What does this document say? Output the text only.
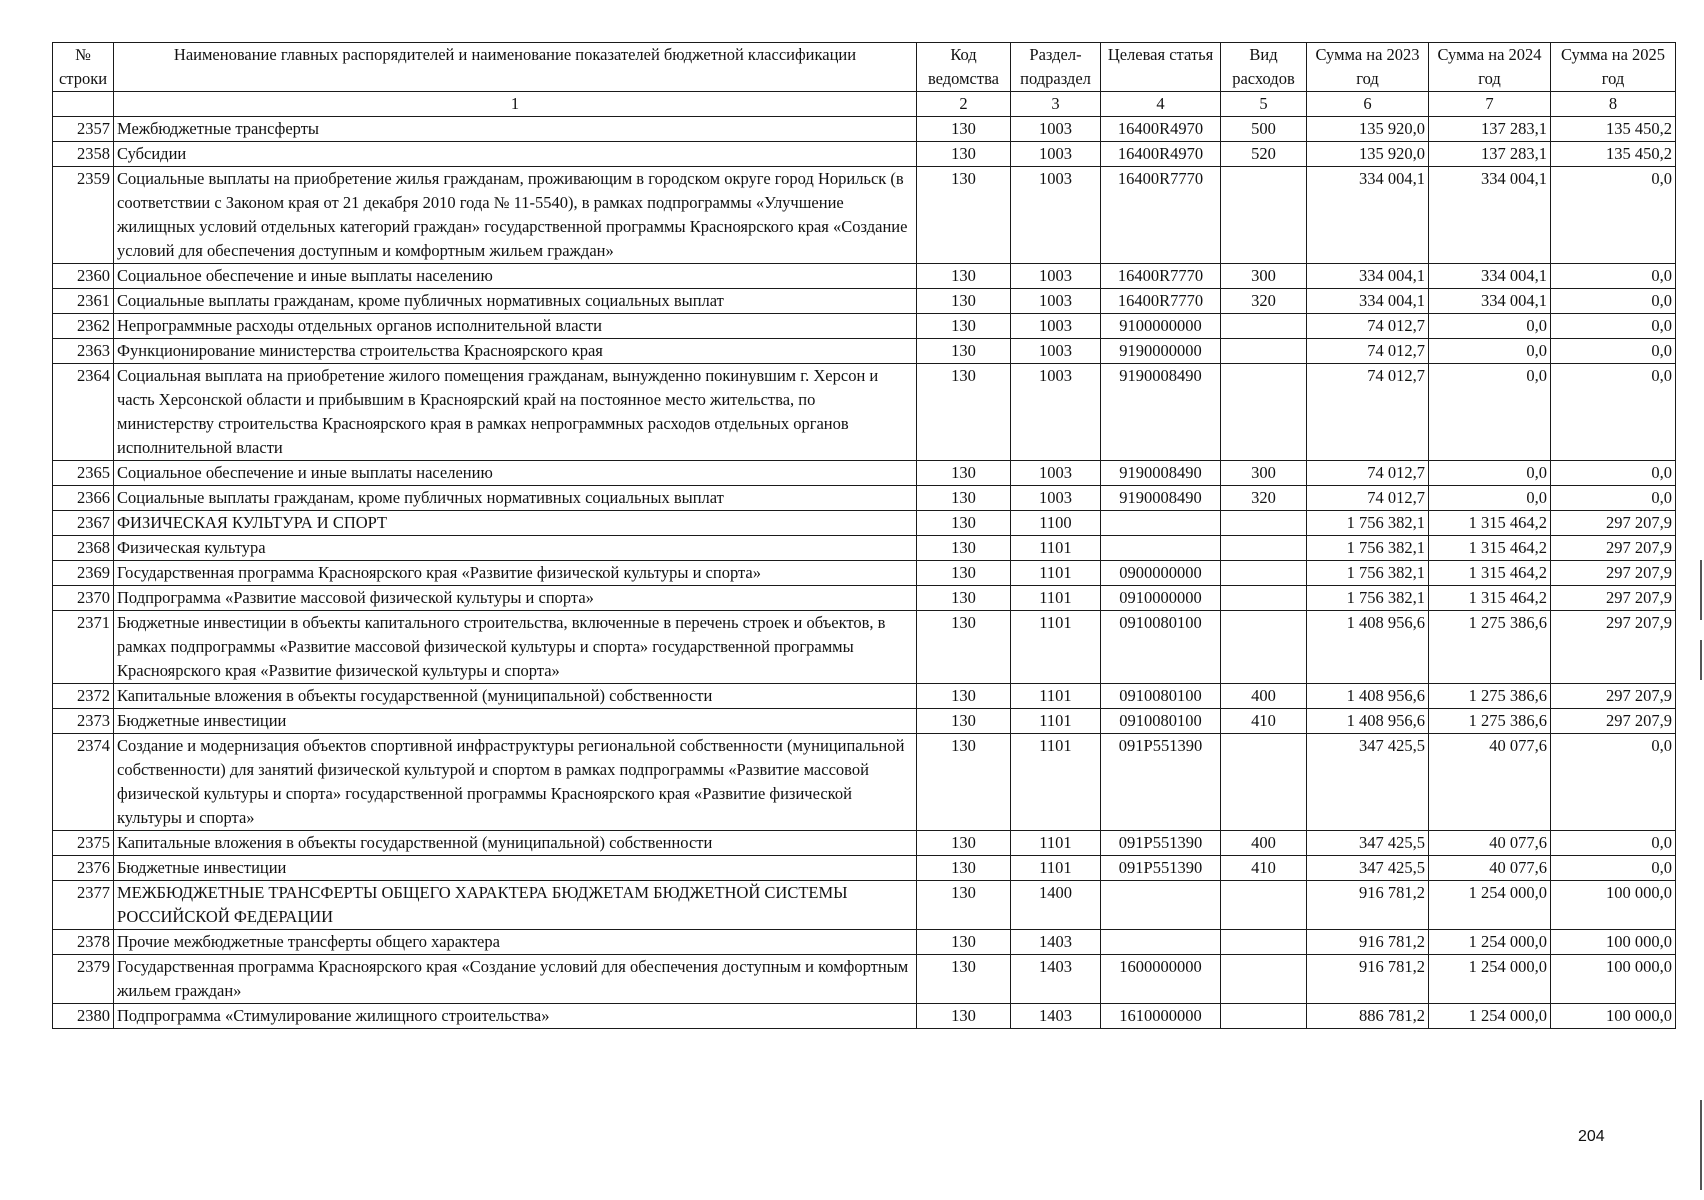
№ строки	Наименование главных распорядителей и наименование показателей бюджетной классификации	Код ведомства	Раздел-подраздел	Целевая статья	Вид расходов	Сумма на 2023 год	Сумма на 2024 год	Сумма на 2025 год
	1	2	3	4	5	6	7	8
2357	Межбюджетные трансферты	130	1003	16400R4970	500	135 920,0	137 283,1	135 450,2
2358	Субсидии	130	1003	16400R4970	520	135 920,0	137 283,1	135 450,2
2359	Социальные выплаты на приобретение жилья гражданам, проживающим в городском округе город Норильск (в соответствии с Законом края от 21 декабря 2010 года № 11-5540), в рамках подпрограммы «Улучшение жилищных условий отдельных категорий граждан» государственной программы Красноярского края «Создание условий для обеспечения доступным и комфортным жильем граждан»	130	1003	16400R7770		334 004,1	334 004,1	0,0
2360	Социальное обеспечение и иные выплаты населению	130	1003	16400R7770	300	334 004,1	334 004,1	0,0
2361	Социальные выплаты гражданам, кроме публичных нормативных социальных выплат	130	1003	16400R7770	320	334 004,1	334 004,1	0,0
2362	Непрограммные расходы отдельных органов исполнительной власти	130	1003	9100000000		74 012,7	0,0	0,0
2363	Функционирование министерства строительства Красноярского края	130	1003	9190000000		74 012,7	0,0	0,0
2364	Социальная выплата на приобретение жилого помещения гражданам, вынужденно покинувшим г. Херсон и часть Херсонской области и прибывшим в Красноярский край на постоянное место жительства, по министерству строительства Красноярского края в рамках непрограммных расходов отдельных органов исполнительной власти	130	1003	9190008490		74 012,7	0,0	0,0
2365	Социальное обеспечение и иные выплаты населению	130	1003	9190008490	300	74 012,7	0,0	0,0
2366	Социальные выплаты гражданам, кроме публичных нормативных социальных выплат	130	1003	9190008490	320	74 012,7	0,0	0,0
2367	ФИЗИЧЕСКАЯ КУЛЬТУРА И СПОРТ	130	1100			1 756 382,1	1 315 464,2	297 207,9
2368	Физическая культура	130	1101			1 756 382,1	1 315 464,2	297 207,9
2369	Государственная программа Красноярского края «Развитие физической культуры и спорта»	130	1101	0900000000		1 756 382,1	1 315 464,2	297 207,9
2370	Подпрограмма «Развитие массовой физической культуры и спорта»	130	1101	0910000000		1 756 382,1	1 315 464,2	297 207,9
2371	Бюджетные инвестиции в объекты капитального строительства, включенные в перечень строек и объектов, в рамках подпрограммы «Развитие массовой физической культуры и спорта» государственной программы Красноярского края «Развитие физической культуры и спорта»	130	1101	0910080100		1 408 956,6	1 275 386,6	297 207,9
2372	Капитальные вложения в объекты государственной (муниципальной) собственности	130	1101	0910080100	400	1 408 956,6	1 275 386,6	297 207,9
2373	Бюджетные инвестиции	130	1101	0910080100	410	1 408 956,6	1 275 386,6	297 207,9
2374	Создание и модернизация объектов спортивной инфраструктуры региональной собственности (муниципальной собственности) для занятий физической культурой и спортом в рамках подпрограммы «Развитие массовой физической культуры и спорта» государственной программы Красноярского края «Развитие физической культуры и спорта»	130	1101	091P551390		347 425,5	40 077,6	0,0
2375	Капитальные вложения в объекты государственной (муниципальной) собственности	130	1101	091P551390	400	347 425,5	40 077,6	0,0
2376	Бюджетные инвестиции	130	1101	091P551390	410	347 425,5	40 077,6	0,0
2377	МЕЖБЮДЖЕТНЫЕ ТРАНСФЕРТЫ ОБЩЕГО ХАРАКТЕРА БЮДЖЕТАМ БЮДЖЕТНОЙ СИСТЕМЫ РОССИЙСКОЙ ФЕДЕРАЦИИ	130	1400			916 781,2	1 254 000,0	100 000,0
2378	Прочие межбюджетные трансферты общего характера	130	1403			916 781,2	1 254 000,0	100 000,0
2379	Государственная программа Красноярского края «Создание условий для обеспечения доступным и комфортным жильем граждан»	130	1403	1600000000		916 781,2	1 254 000,0	100 000,0
2380	Подпрограмма «Стимулирование жилищного строительства»	130	1403	1610000000		886 781,2	1 254 000,0	100 000,0
204
